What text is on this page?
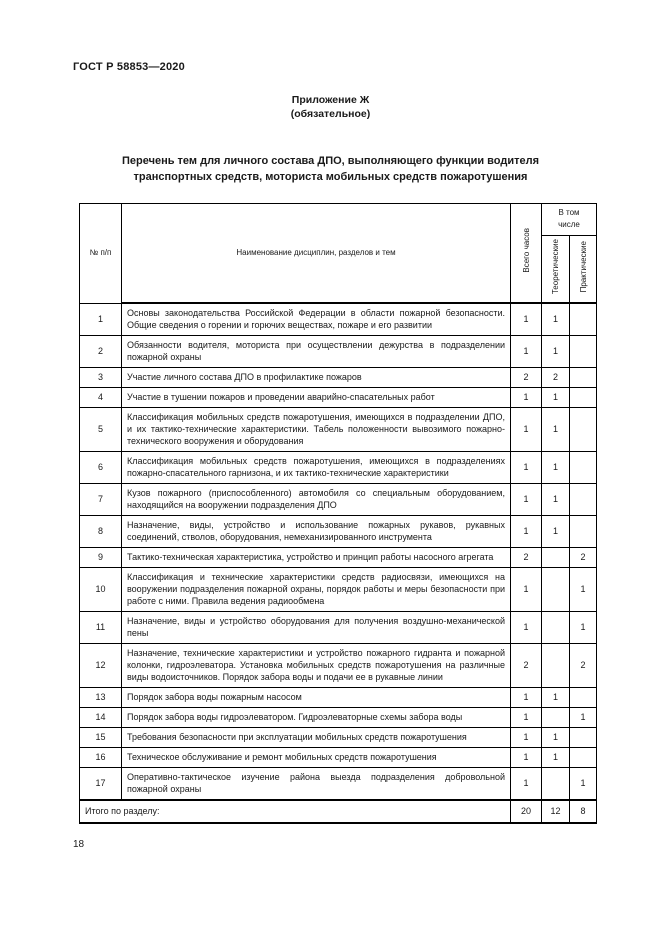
ГОСТ Р 58853—2020
Приложение Ж
(обязательное)
Перечень тем для личного состава ДПО, выполняющего функции водителя транспортных средств, моториста мобильных средств пожаротушения
№ п/п	Наименование дисциплин, разделов и тем	Всего часов	В том числе	
			Теоретические	Практические
1	Основы законодательства Российской Федерации в области пожарной безопасности. Общие сведения о горении и горючих веществах, пожаре и его развитии	1	1	
2	Обязанности водителя, моториста при осуществлении дежурства в подразделении пожарной охраны	1	1	
3	Участие личного состава ДПО в профилактике пожаров	2	2	
4	Участие в тушении пожаров и проведении аварийно-спасательных работ	1	1	
5	Классификация мобильных средств пожаротушения, имеющихся в подразделении ДПО, и их тактико-технические характеристики. Табель положенности вывозимого пожарно-технического вооружения и оборудования	1	1	
6	Классификация мобильных средств пожаротушения, имеющихся в подразделениях пожарно-спасательного гарнизона, и их тактико-технические характеристики	1	1	
7	Кузов пожарного (приспособленного) автомобиля со специальным оборудованием, находящийся на вооружении подразделения ДПО	1	1	
8	Назначение, виды, устройство и использование пожарных рукавов, рукавных соединений, стволов, оборудования, немеханизированного инструмента	1	1	
9	Тактико-техническая характеристика, устройство и принцип работы насосного агрегата	2		2
10	Классификация и технические характеристики средств радиосвязи, имеющихся на вооружении подразделения пожарной охраны, порядок работы и меры безопасности при работе с ними. Правила ведения радиообмена	1		1
11	Назначение, виды и устройство оборудования для получения воздушно-механической пены	1		1
12	Назначение, технические характеристики и устройство пожарного гидранта и пожарной колонки, гидроэлеватора. Установка мобильных средств пожаротушения на различные виды водоисточников. Порядок забора воды и подачи ее в рукавные линии	2		2
13	Порядок забора воды пожарным насосом	1	1	
14	Порядок забора воды гидроэлеватором. Гидроэлеваторные схемы забора воды	1		1
15	Требования безопасности при эксплуатации мобильных средств пожаротушения	1	1	
16	Техническое обслуживание и ремонт мобильных средств пожаротушения	1	1	
17	Оперативно-тактическое изучение района выезда подразделения добровольной пожарной охраны	1		1
Итого по разделу:		20	12	8
18
